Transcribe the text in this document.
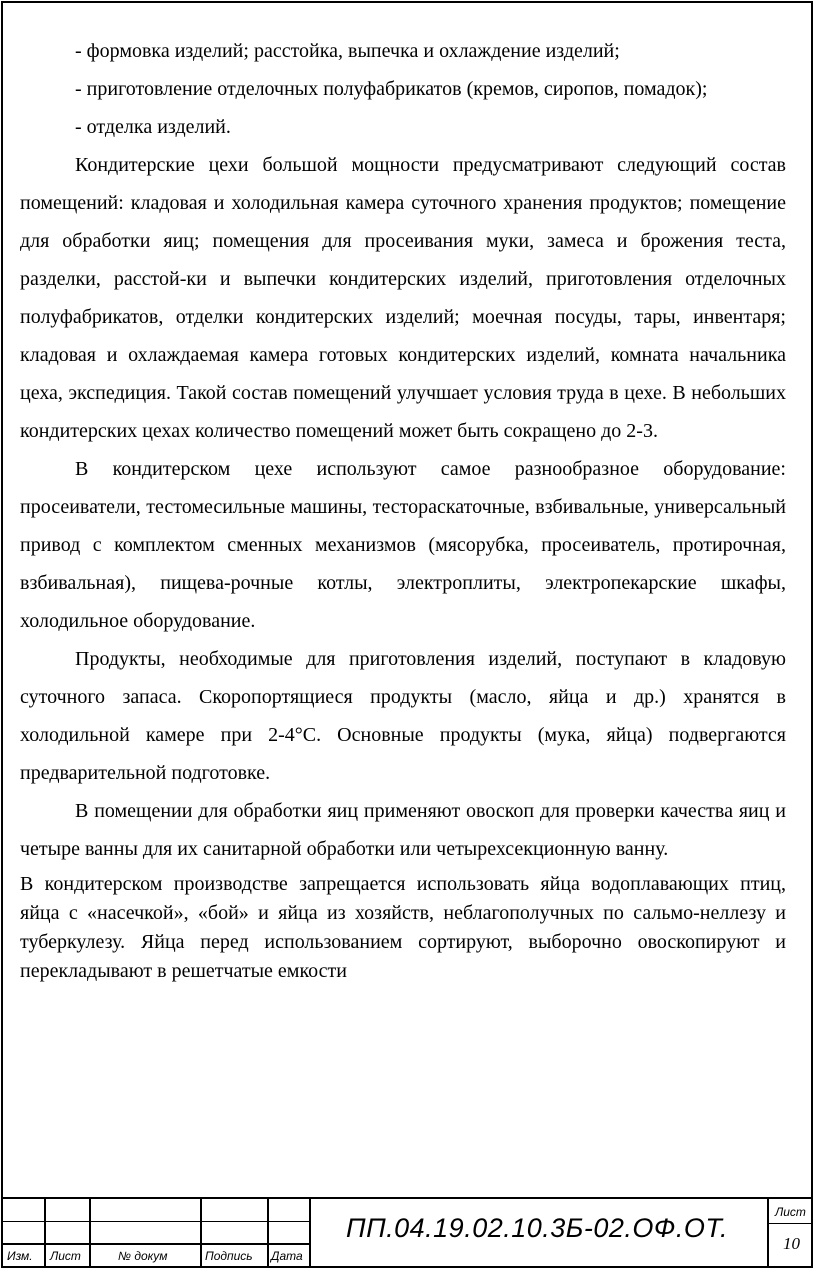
- формовка изделий; расстойка, выпечка и охлаждение изделий;

- приготовление отделочных полуфабрикатов (кремов, сиропов, помадок);

- отделка изделий.

Кондитерские цехи большой мощности предусматривают следующий состав помещений: кладовая и холодильная камера суточного хранения продуктов; помещение для обработки яиц; помещения для просеивания муки, замеса и брожения теста, разделки, расстой-ки и выпечки кондитерских изделий, приготовления отделочных полуфабрикатов, отделки кондитерских изделий; моечная посуды, тары, инвентаря; кладовая и охлаждаемая камера готовых кондитерских изделий, комната начальника цеха, экспедиция. Такой состав помещений улучшает условия труда в цехе. В небольших кондитерских цехах количество помещений может быть сокращено до 2-3.

В кондитерском цехе используют самое разнообразное оборудование: просеиватели, тестомесильные машины, тестораскаточные, взбивальные, универсальный привод с комплектом сменных механизмов (мясорубка, просеиватель, протирочная, взбивальная), пищева-рочные котлы, электроплиты, электропекарские шкафы, холодильное оборудование.

Продукты, необходимые для приготовления изделий, поступают в кладовую суточного запаса. Скоропортящиеся продукты (масло, яйца и др.) хранятся в холодильной камере при 2-4°С. Основные продукты (мука, яйца) подвергаются предварительной подготовке.

В помещении для обработки яиц применяют овоскоп для проверки качества яиц и четыре ванны для их санитарной обработки или четырехсекционную ванну.

В кондитерском производстве запрещается использовать яйца водоплавающих птиц, яйца с «насечкой», «бой» и яйца из хозяйств, неблагополучных по сальмо-неллезу и туберкулезу. Яйца перед использованием сортируют, выборочно овоскопируют и перекладывают в решетчатые емкости

Изм. Лист	№ докум	Подпись Дата
ПП.04.19.02.10.3Б-02.ОФ.ОТ.
Лист
10
